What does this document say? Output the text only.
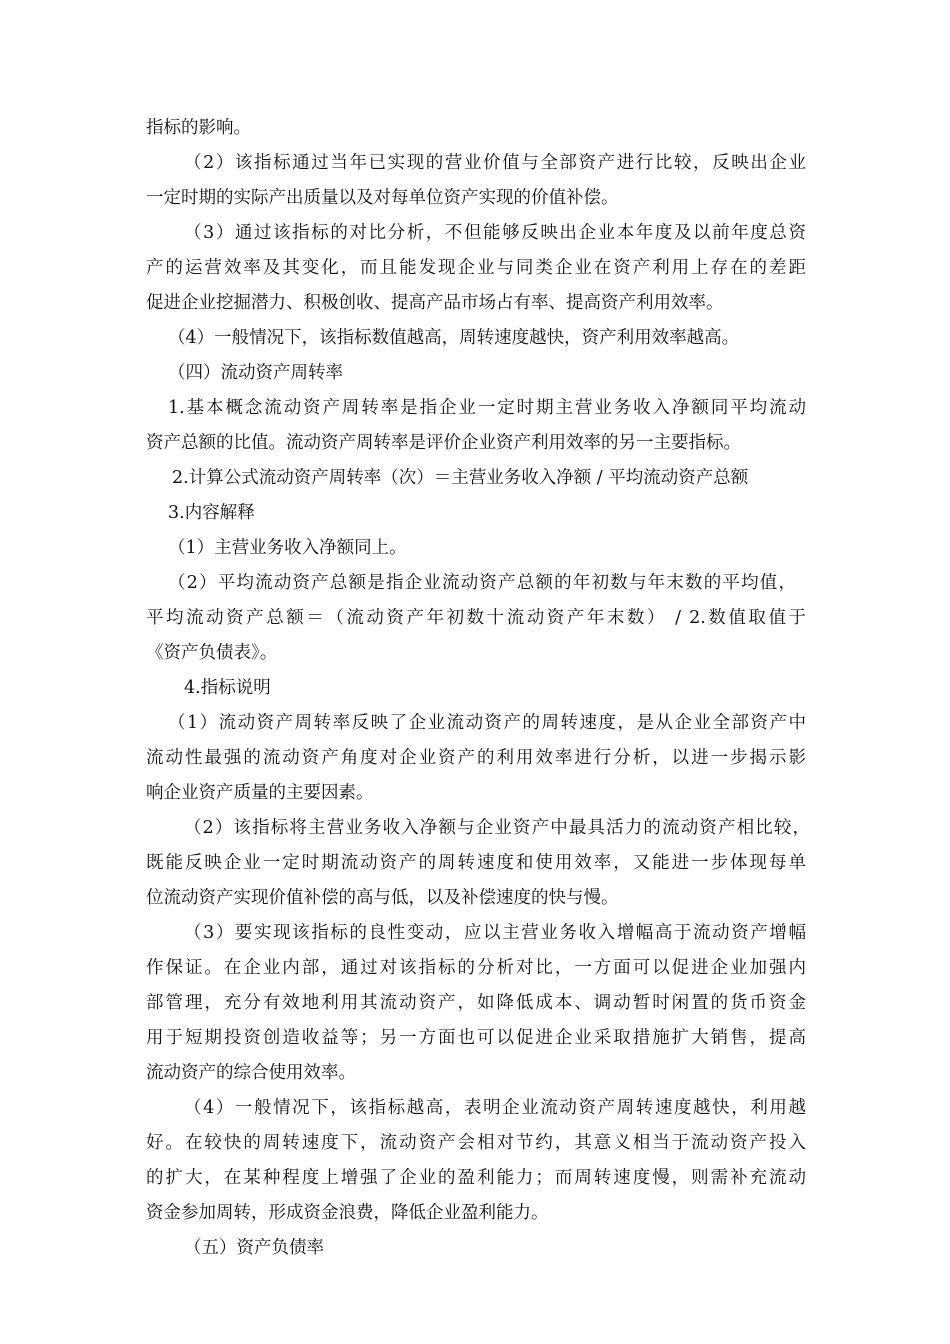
指标的影响。

（2）该指标通过当年已实现的营业价值与全部资产进行比较，反映出企业

一定时期的实际产出质量以及对每单位资产实现的价值补偿。

（3）通过该指标的对比分析，不但能够反映出企业本年度及以前年度总资

产的运营效率及其变化，而且能发现企业与同类企业在资产利用上存在的差距

促进企业挖掘潜力、积极创收、提高产品市场占有率、提高资产利用效率。

（4）一般情况下，该指标数值越高，周转速度越快，资产利用效率越高。

（四）流动资产周转率

1.基本概念流动资产周转率是指企业一定时期主营业务收入净额同平均流动

资产总额的比值。流动资产周转率是评价企业资产利用效率的另一主要指标。

2.计算公式流动资产周转率（次）＝主营业务收入净额 / 平均流动资产总额

3.内容解释

（1）主营业务收入净额同上。

（2）平均流动资产总额是指企业流动资产总额的年初数与年末数的平均值，

平均流动资产总额＝（流动资产年初数十流动资产年末数） / 2.数值取值于

《资产负债表》。

4.指标说明

（1）流动资产周转率反映了企业流动资产的周转速度，是从企业全部资产中

流动性最强的流动资产角度对企业资产的利用效率进行分析，以进一步揭示影

响企业资产质量的主要因素。

（2）该指标将主营业务收入净额与企业资产中最具活力的流动资产相比较，

既能反映企业一定时期流动资产的周转速度和使用效率，又能进一步体现每单

位流动资产实现价值补偿的高与低，以及补偿速度的快与慢。

（3）要实现该指标的良性变动，应以主营业务收入增幅高于流动资产增幅

作保证。在企业内部，通过对该指标的分析对比，一方面可以促进企业加强内

部管理，充分有效地利用其流动资产，如降低成本、调动暂时闲置的货币资金

用于短期投资创造收益等；另一方面也可以促进企业采取措施扩大销售，提高

流动资产的综合使用效率。

（4）一般情况下，该指标越高，表明企业流动资产周转速度越快，利用越

好。在较快的周转速度下，流动资产会相对节约，其意义相当于流动资产投入

的扩大，在某种程度上增强了企业的盈利能力；而周转速度慢，则需补充流动

资金参加周转，形成资金浪费，降低企业盈利能力。

（五）资产负债率
